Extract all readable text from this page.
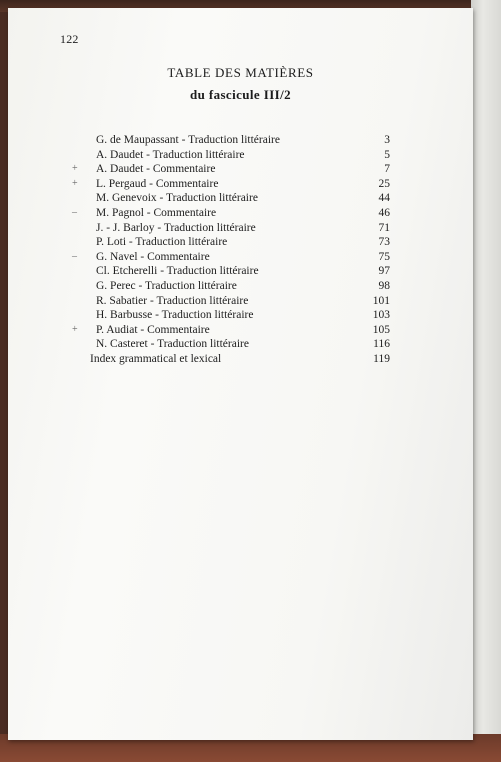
122
TABLE DES MATIÈRES
du fascicule III/2
G. de Maupassant - Traduction littéraire	3
A. Daudet - Traduction littéraire	5
+ A. Daudet - Commentaire	7
+ L. Pergaud - Commentaire	25
M. Genevoix - Traduction littéraire	44
– M. Pagnol - Commentaire	46
J. - J. Barloy - Traduction littéraire	71
P. Loti - Traduction littéraire	73
– G. Navel - Commentaire	75
Cl. Etcherelli - Traduction littéraire	97
G. Perec - Traduction littéraire	98
R. Sabatier - Traduction littéraire	101
H. Barbusse - Traduction littéraire	103
+ P. Audiat - Commentaire	105
N. Casteret - Traduction littéraire	116
Index grammatical et lexical	119
